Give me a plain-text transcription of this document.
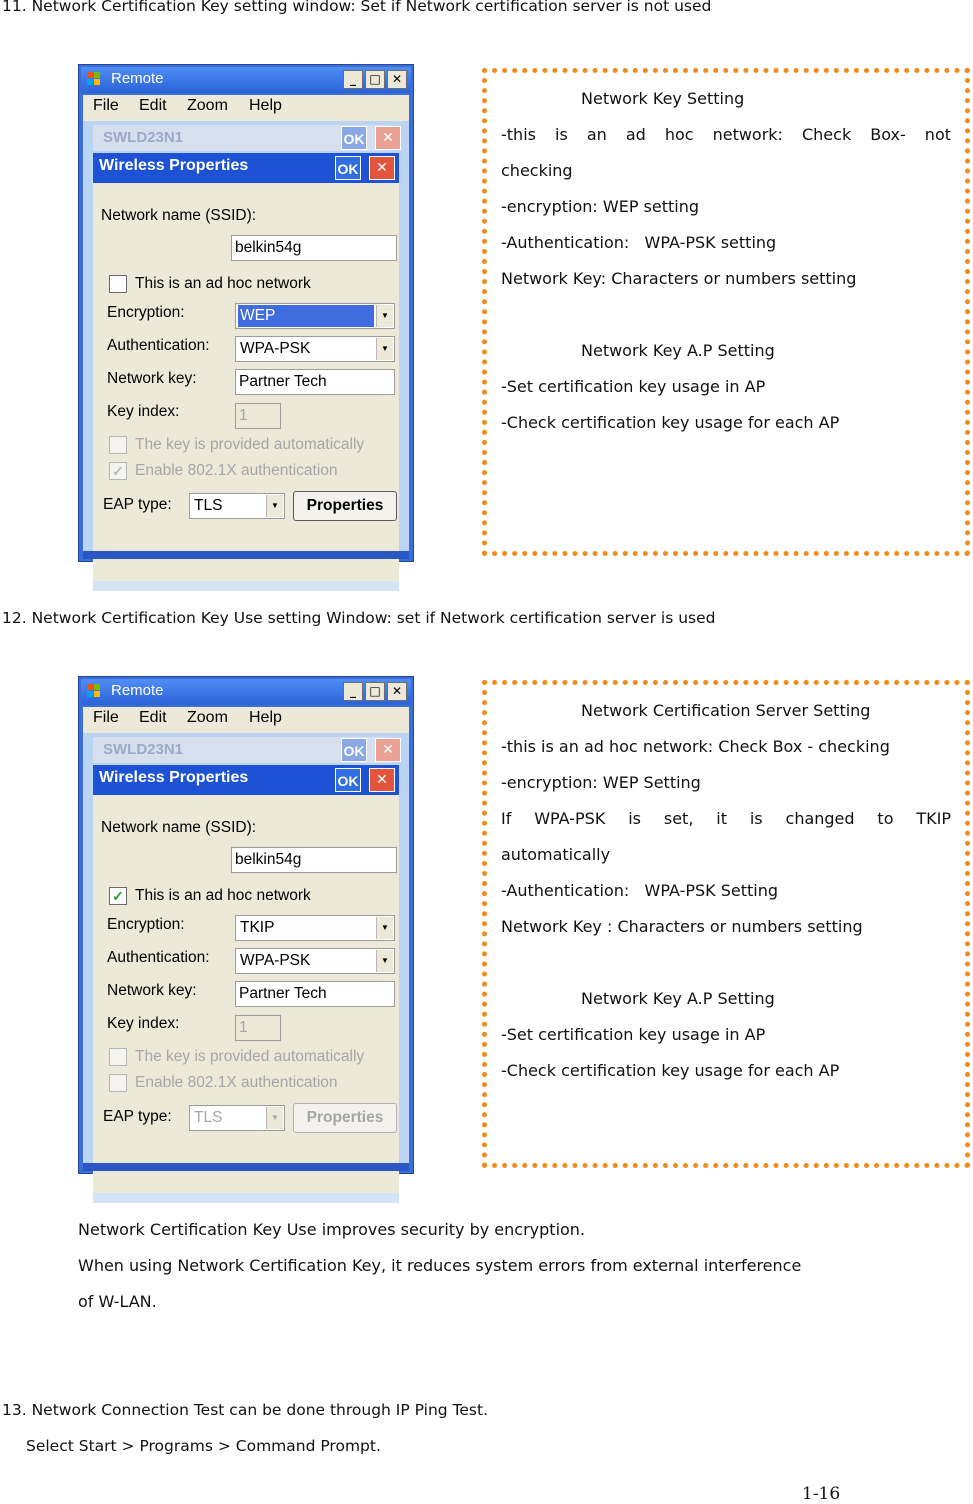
11. Network Certification Key setting window: Set if Network certification server is not used
Remote	_	□ ✕
File Edit Zoom Help
SWLD23N1	OK	✕
Wireless Properties	OK	✕
Network name (SSID):
belkin54g
This is an ad hoc network
Encryption:	WEP	▼
Authentication: WPA-PSK	▼
Network key:	Partner Tech
Key index:	1
The key is provided automatically
✓ Enable 802.1X authentication
EAP type: TLS	▼	Properties
Network Key Setting
-this is an ad hoc network: Check Box- not
checking
-encryption: WEP setting
-Authentication:   WPA-PSK setting
Network Key: Characters or numbers setting
Network Key A.P Setting
-Set certification key usage in AP
-Check certification key usage for each AP
12. Network Certification Key Use setting Window: set if Network certification server is used
Remote	_	□ ✕
File Edit Zoom Help
SWLD23N1	OK	✕
Wireless Properties	OK	✕
Network name (SSID):
belkin54g
✓ This is an ad hoc network
Encryption:	TKIP	▼
Authentication: WPA-PSK	▼
Network key:	Partner Tech
Key index:	1
The key is provided automatically
Enable 802.1X authentication
EAP type: TLS	▼	Properties
Network Certification Server Setting
-this is an ad hoc network: Check Box - checking
-encryption: WEP Setting
If WPA-PSK is set, it is changed to TKIP
automatically
-Authentication:   WPA-PSK Setting
Network Key : Characters or numbers setting
Network Key A.P Setting
-Set certification key usage in AP
-Check certification key usage for each AP
Network Certification Key Use improves security by encryption.
When using Network Certification Key, it reduces system errors from external interference
of W-LAN.
13. Network Connection Test can be done through IP Ping Test.
Select Start > Programs > Command Prompt.
1-16
